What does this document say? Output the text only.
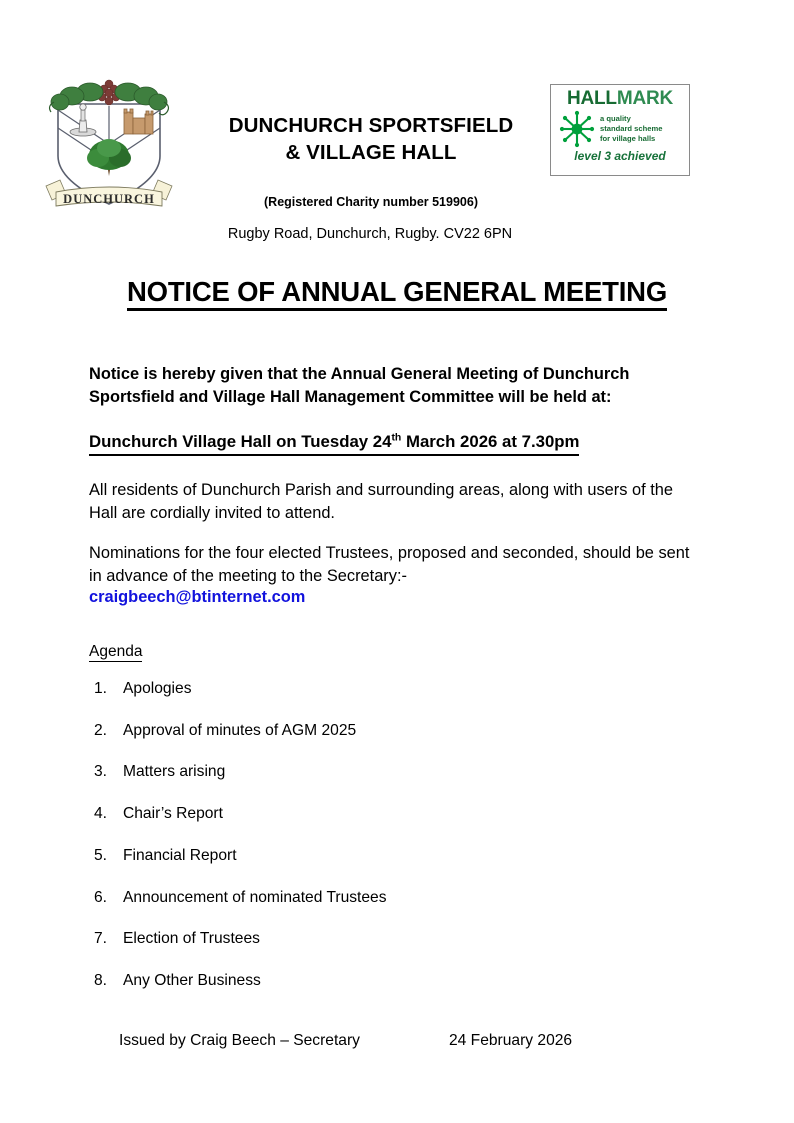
DUNCHURCH
DUNCHURCH SPORTSFIELD
& VILLAGE HALL
(Registered Charity number 519906)
Rugby Road, Dunchurch, Rugby. CV22 6PN
HALLMARK
a quality
standard scheme
for village halls
level 3 achieved
NOTICE OF ANNUAL GENERAL MEETING

Notice is hereby given that the Annual General Meeting of Dunchurch Sportsfield and Village Hall Management Committee will be held at:

Dunchurch Village Hall on Tuesday 24th March 2026 at 7.30pm

All residents of Dunchurch Parish and surrounding areas, along with users of the Hall are cordially invited to attend.

Nominations for the four elected Trustees, proposed and seconded, should be sent in advance of the meeting to the Secretary:-

craigbeech@btinternet.com
Agenda
1.	Apologies
2.	Approval of minutes of AGM 2025
3.	Matters arising
4.	Chair’s Report
5.	Financial Report
6.	Announcement of nominated Trustees
7.	Election of Trustees
8.	Any Other Business
Issued by Craig Beech – Secretary	24 February 2026
